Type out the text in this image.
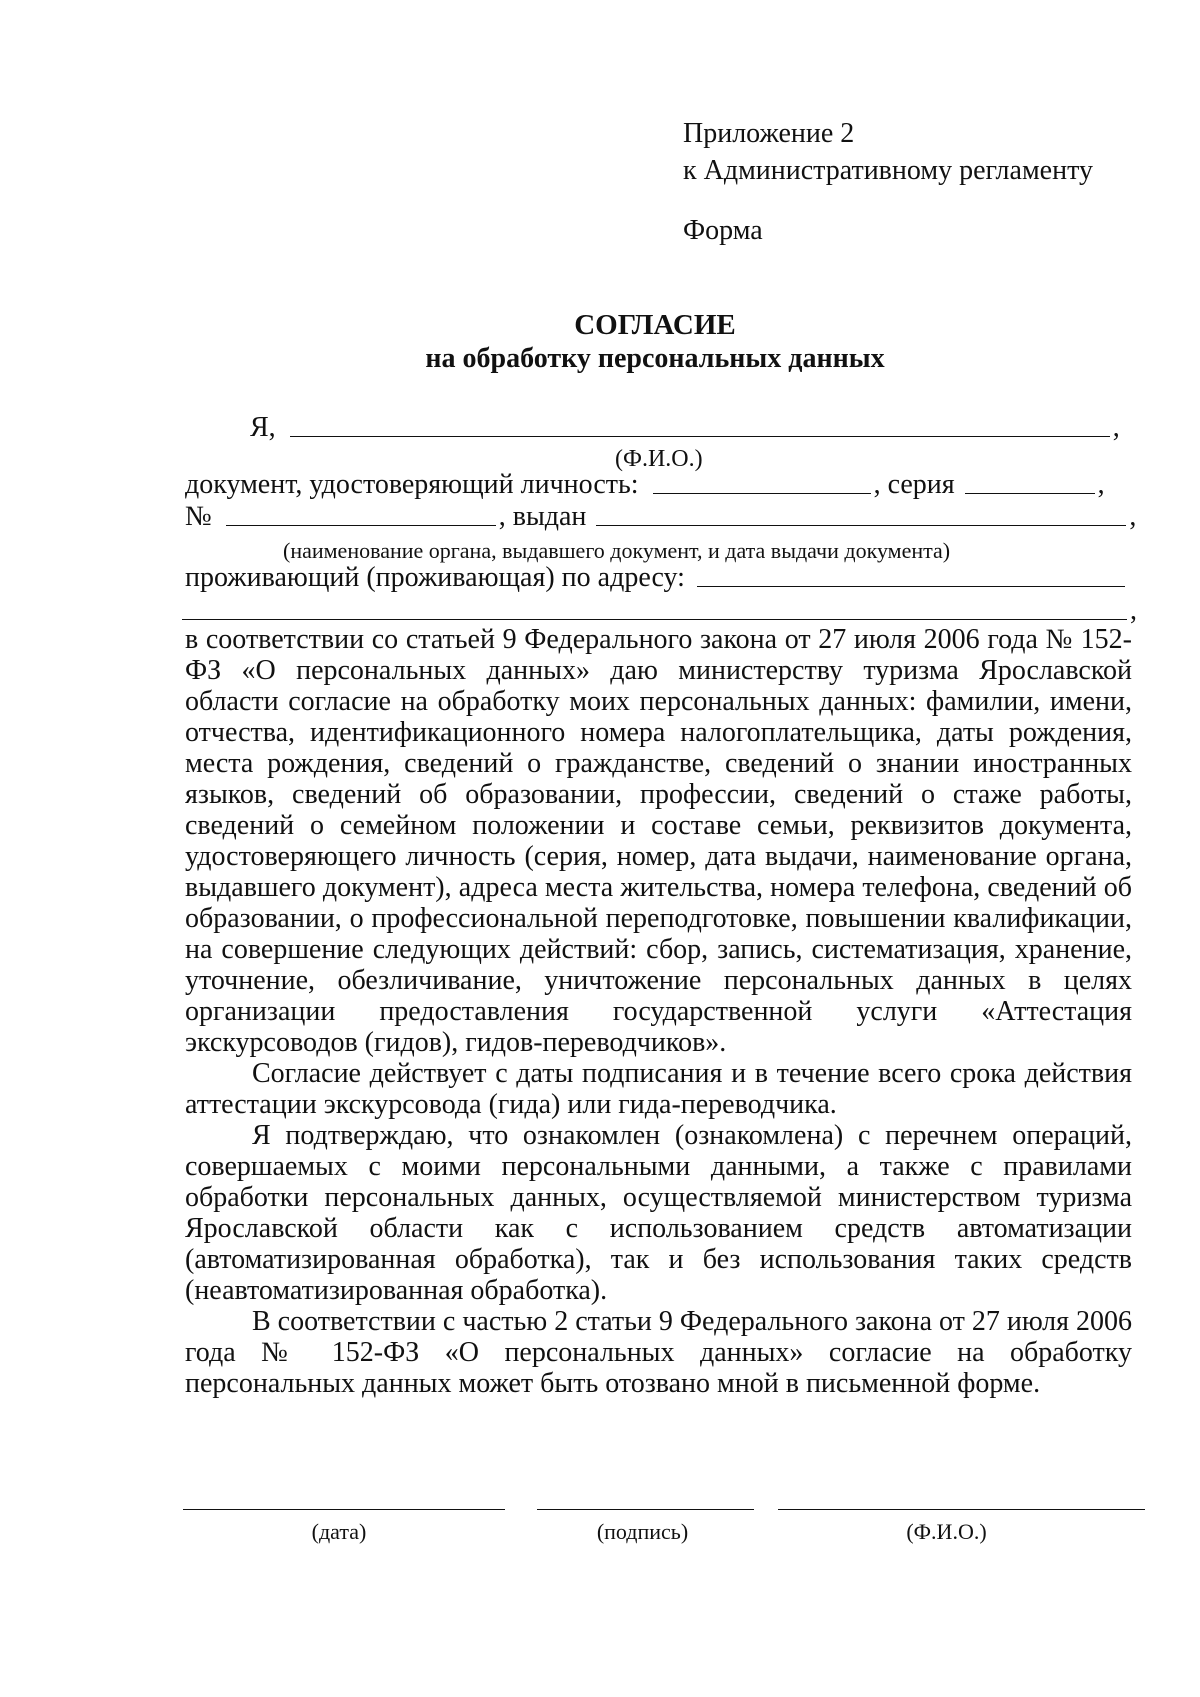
Приложение 2
к Административному регламенту
Форма
СОГЛАСИЕ
на обработку персональных данных
Я,	,
(Ф.И.О.)
документ, удостоверяющий личность:	, серия	,
№	, выдан	,
(наименование органа, выдавшего документ, и дата выдачи документа)
проживающий (проживающая) по адресу:
,

в соответствии со статьей 9 Федерального закона от 27 июля 2006 года № 152-ФЗ «О персональных данных» даю министерству туризма Ярославской области согласие на обработку моих персональных данных: фамилии, имени, отчества, идентификационного номера налогоплательщика, даты рождения, места рождения, сведений о гражданстве, сведений о знании иностранных языков, сведений об образовании, профессии, сведений о стаже работы, сведений о семейном положении и составе семьи, реквизитов документа, удостоверяющего личность (серия, номер, дата выдачи, наименование органа, выдавшего документ), адреса места жительства, номера телефона, сведений об образовании, о профессиональной переподготовке, повышении квалификации, на совершение следующих действий: сбор, запись, систематизация, хранение, уточнение, обезличивание, уничтожение персональных данных в целях организации предоставления государственной услуги «Аттестация экскурсоводов (гидов), гидов-переводчиков».

Согласие действует с даты подписания и в течение всего срока действия аттестации экскурсовода (гида) или гида-переводчика.

Я подтверждаю, что ознакомлен (ознакомлена) с перечнем операций, совершаемых с моими персональными данными, а также с правилами обработки персональных данных, осуществляемой министерством туризма Ярославской области как с использованием средств автоматизации (автоматизированная обработка), так и без использования таких средств (неавтоматизированная обработка).

В соответствии с частью 2 статьи 9 Федерального закона от 27 июля 2006 года № 152-ФЗ «О персональных данных» согласие на обработку персональных данных может быть отозвано мной в письменной форме.

(дата)	(подпись)	(Ф.И.О.)
